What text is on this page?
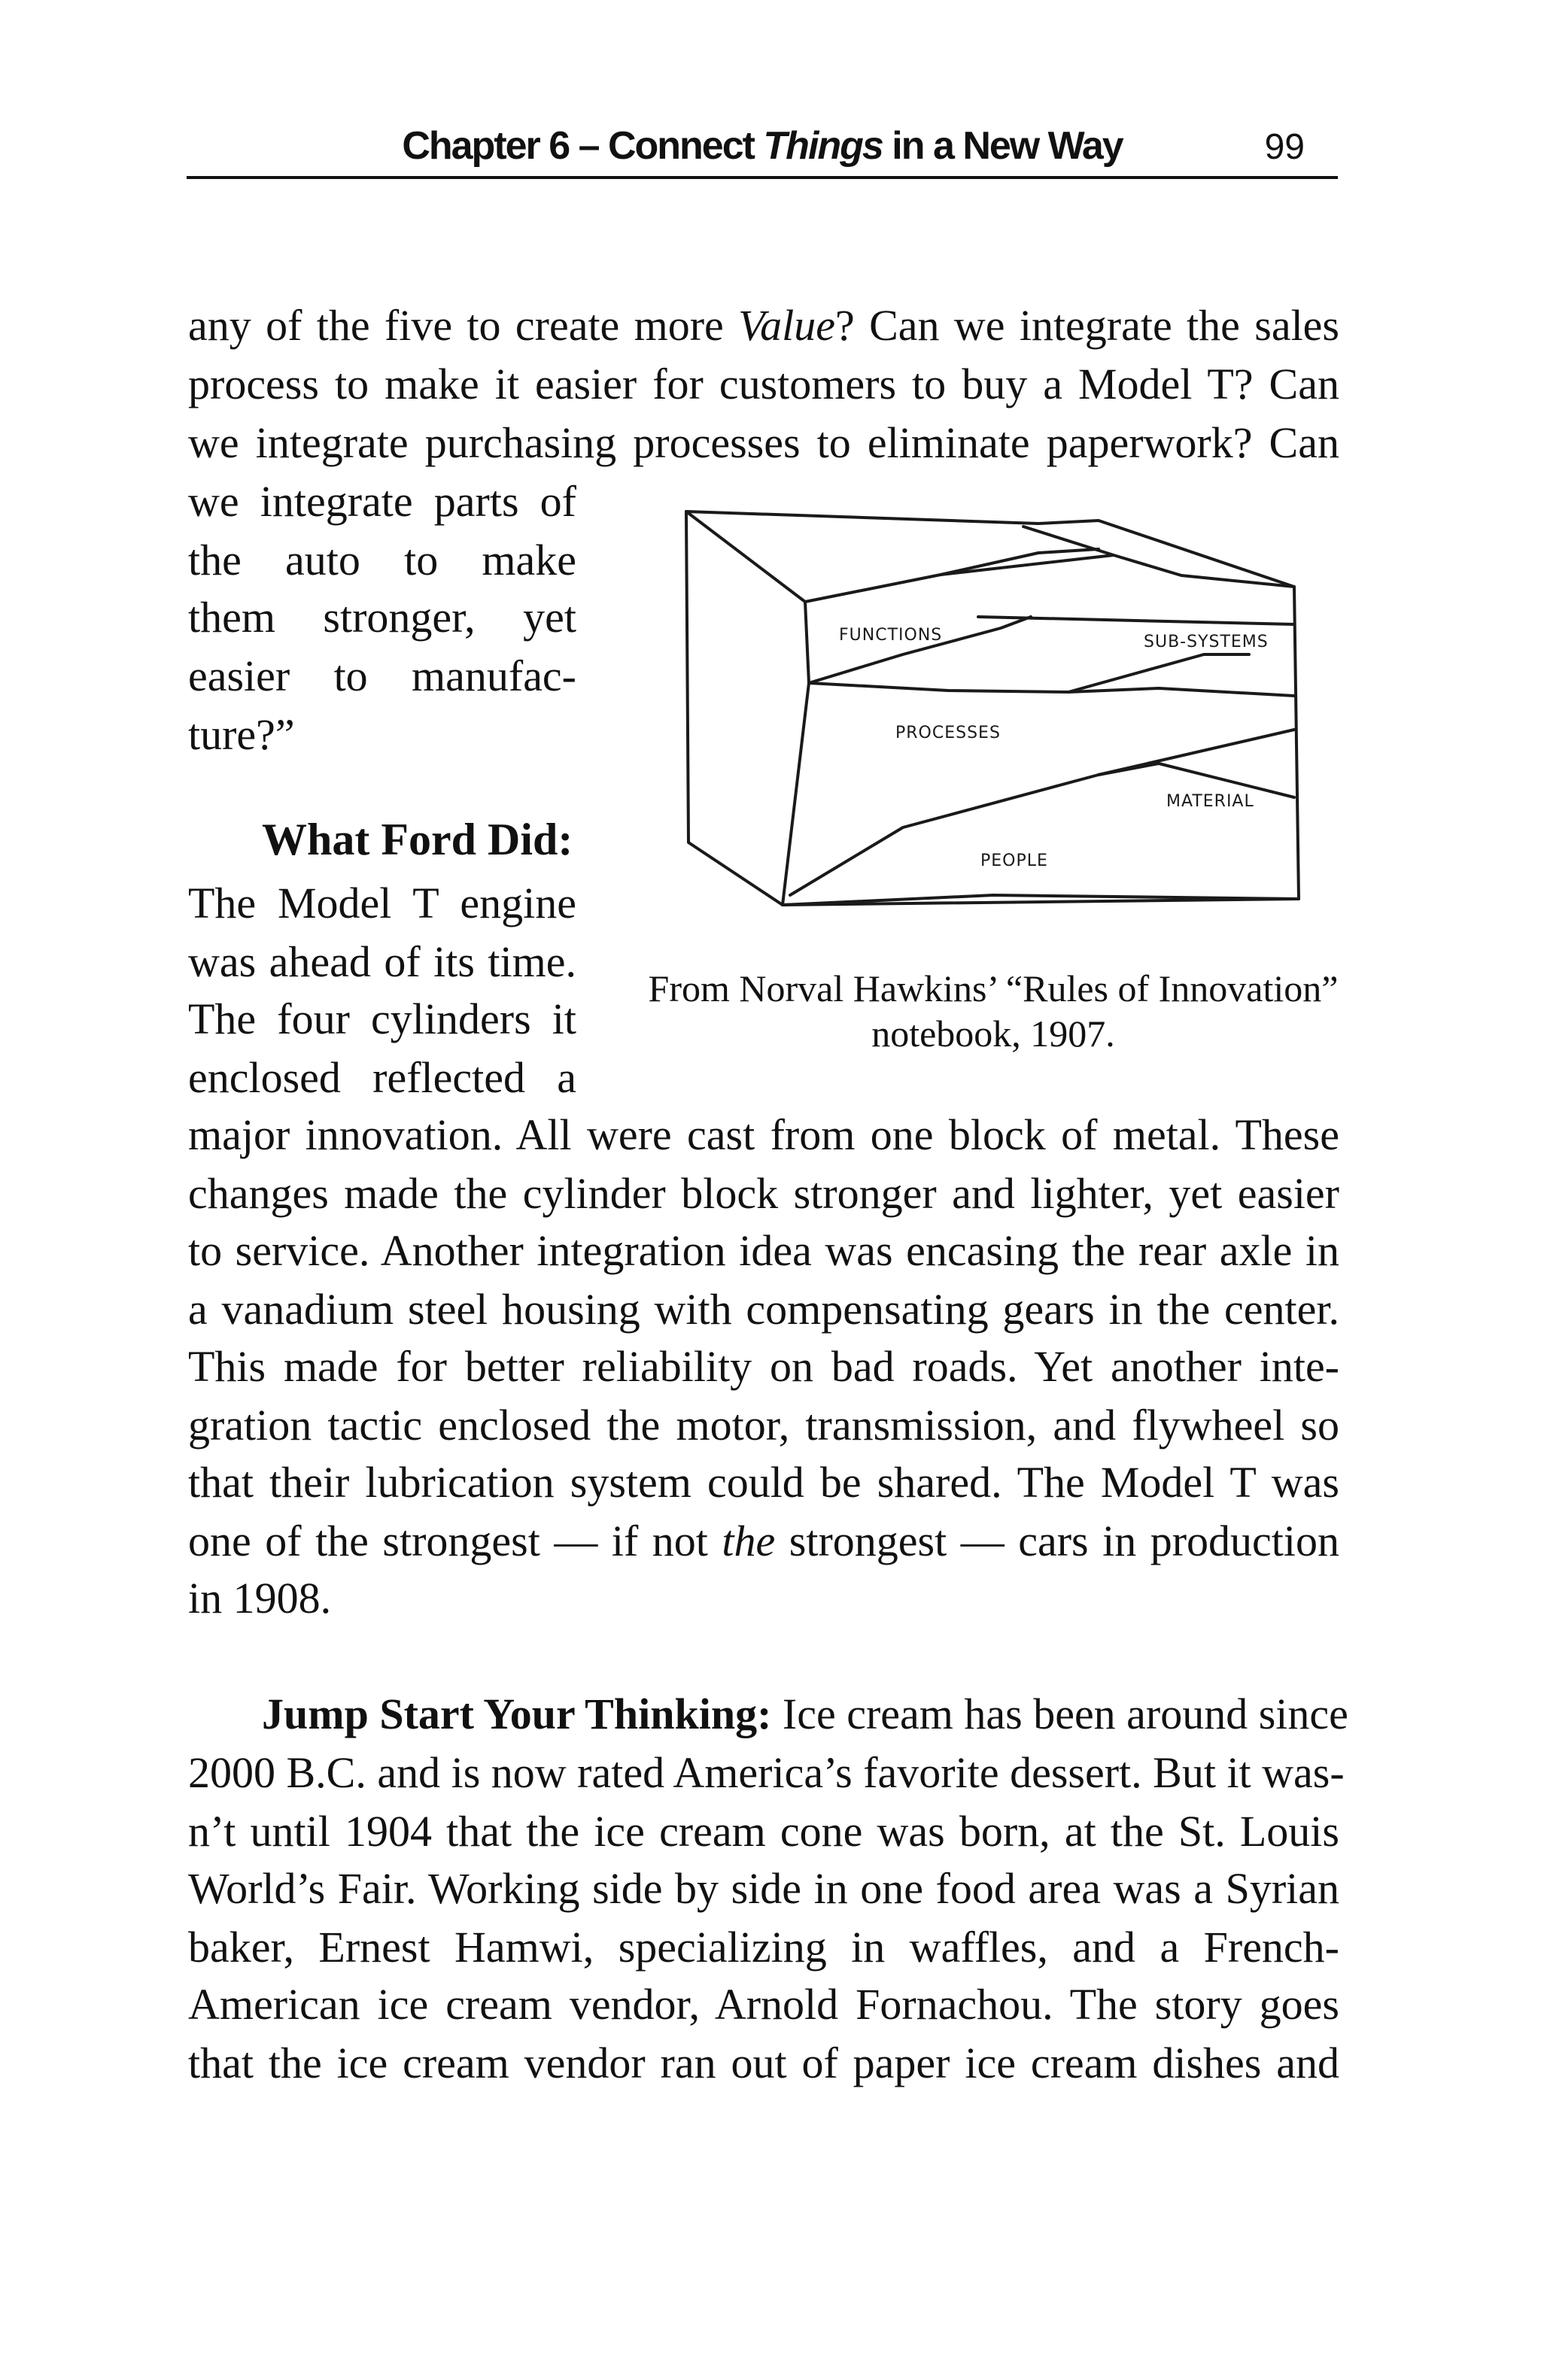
Chapter 6 – Connect Things in a New Way	99
any of the five to create more Value? Can we integrate the sales
process to make it easier for customers to buy a Model T? Can
we integrate purchasing processes to eliminate paperwork? Can
we integrate parts of
the auto to make
them stronger, yet
easier to manufac-
ture?”
FUNCTIONS	SUB-SYSTEMS
PROCESSES
MATERIAL
PEOPLE
From Norval Hawkins’ “Rules of Innovation”
notebook, 1907.
What Ford Did:
The Model T engine
was ahead of its time.
The four cylinders it
enclosed reflected a
major innovation. All were cast from one block of metal. These
changes made the cylinder block stronger and lighter, yet easier
to service. Another integration idea was encasing the rear axle in
a vanadium steel housing with compensating gears in the center.
This made for better reliability on bad roads. Yet another inte-
gration tactic enclosed the motor, transmission, and flywheel so
that their lubrication system could be shared. The Model T was
one of the strongest — if not the strongest — cars in production
in 1908.
Jump Start Your Thinking: Ice cream has been around since
2000 B.C. and is now rated America’s favorite dessert. But it was-
n’t until 1904 that the ice cream cone was born, at the St. Louis
World’s Fair. Working side by side in one food area was a Syrian
baker, Ernest Hamwi, specializing in waffles, and a French-
American ice cream vendor, Arnold Fornachou. The story goes
that the ice cream vendor ran out of paper ice cream dishes and
